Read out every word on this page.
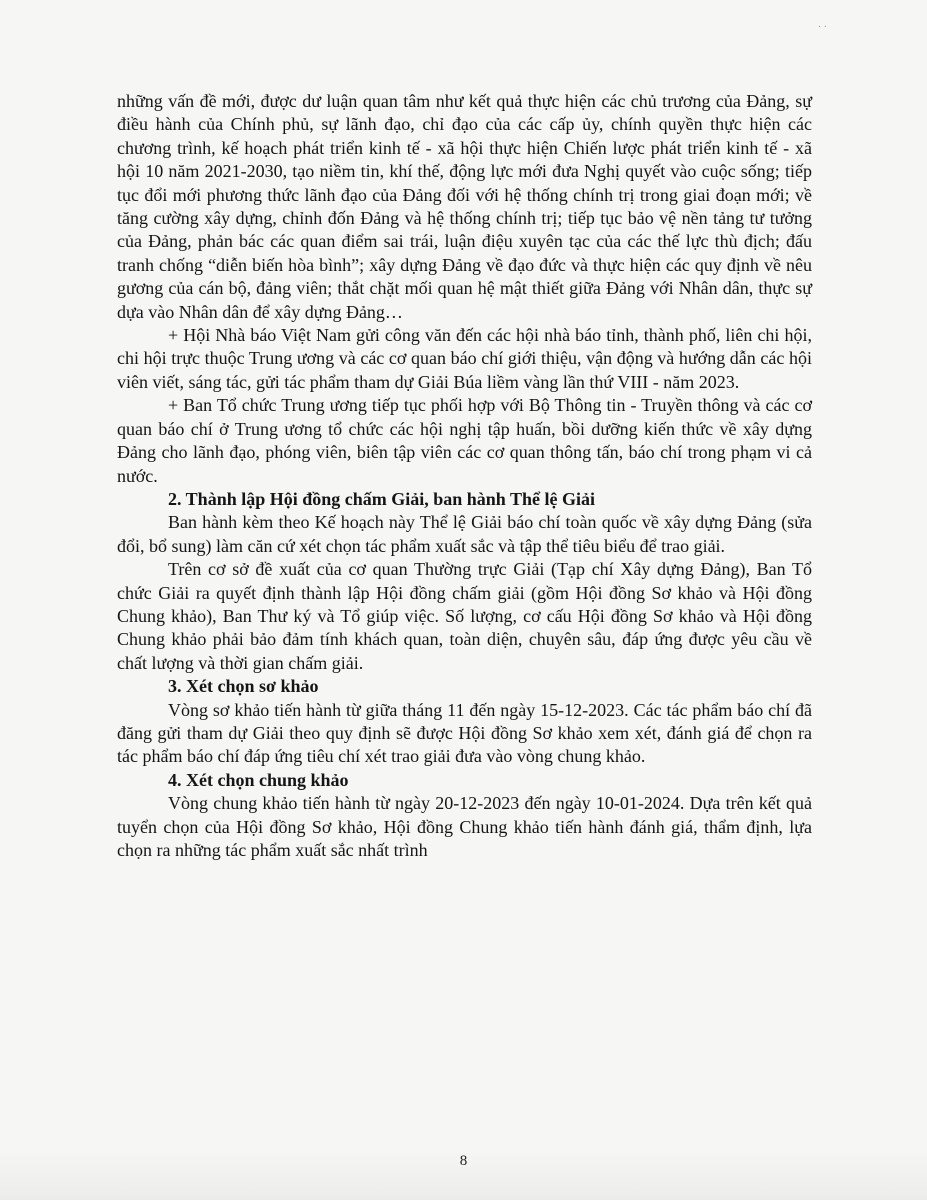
· ·

những vấn đề mới, được dư luận quan tâm như kết quả thực hiện các chủ trương của Đảng, sự điều hành của Chính phủ, sự lãnh đạo, chỉ đạo của các cấp ủy, chính quyền thực hiện các chương trình, kế hoạch phát triển kinh tế - xã hội thực hiện Chiến lược phát triển kinh tế - xã hội 10 năm 2021-2030, tạo niềm tin, khí thế, động lực mới đưa Nghị quyết vào cuộc sống; tiếp tục đổi mới phương thức lãnh đạo của Đảng đối với hệ thống chính trị trong giai đoạn mới; về tăng cường xây dựng, chỉnh đốn Đảng và hệ thống chính trị; tiếp tục bảo vệ nền tảng tư tưởng của Đảng, phản bác các quan điểm sai trái, luận điệu xuyên tạc của các thế lực thù địch; đấu tranh chống “diễn biến hòa bình”; xây dựng Đảng về đạo đức và thực hiện các quy định về nêu gương của cán bộ, đảng viên; thắt chặt mối quan hệ mật thiết giữa Đảng với Nhân dân, thực sự dựa vào Nhân dân để xây dựng Đảng…

+ Hội Nhà báo Việt Nam gửi công văn đến các hội nhà báo tỉnh, thành phố, liên chi hội, chi hội trực thuộc Trung ương và các cơ quan báo chí giới thiệu, vận động và hướng dẫn các hội viên viết, sáng tác, gửi tác phẩm tham dự Giải Búa liềm vàng lần thứ VIII - năm 2023.

+ Ban Tổ chức Trung ương tiếp tục phối hợp với Bộ Thông tin - Truyền thông và các cơ quan báo chí ở Trung ương tổ chức các hội nghị tập huấn, bồi dưỡng kiến thức về xây dựng Đảng cho lãnh đạo, phóng viên, biên tập viên các cơ quan thông tấn, báo chí trong phạm vi cả nước.

2. Thành lập Hội đồng chấm Giải, ban hành Thể lệ Giải

Ban hành kèm theo Kế hoạch này Thể lệ Giải báo chí toàn quốc về xây dựng Đảng (sửa đổi, bổ sung) làm căn cứ xét chọn tác phẩm xuất sắc và tập thể tiêu biểu để trao giải.

Trên cơ sở đề xuất của cơ quan Thường trực Giải (Tạp chí Xây dựng Đảng), Ban Tổ chức Giải ra quyết định thành lập Hội đồng chấm giải (gồm Hội đồng Sơ khảo và Hội đồng Chung khảo), Ban Thư ký và Tổ giúp việc. Số lượng, cơ cấu Hội đồng Sơ khảo và Hội đồng Chung khảo phải bảo đảm tính khách quan, toàn diện, chuyên sâu, đáp ứng được yêu cầu về chất lượng và thời gian chấm giải.

3. Xét chọn sơ khảo

Vòng sơ khảo tiến hành từ giữa tháng 11 đến ngày 15-12-2023. Các tác phẩm báo chí đã đăng gửi tham dự Giải theo quy định sẽ được Hội đồng Sơ khảo xem xét, đánh giá để chọn ra tác phẩm báo chí đáp ứng tiêu chí xét trao giải đưa vào vòng chung khảo.

4. Xét chọn chung khảo

Vòng chung khảo tiến hành từ ngày 20-12-2023 đến ngày 10-01-2024. Dựa trên kết quả tuyển chọn của Hội đồng Sơ khảo, Hội đồng Chung khảo tiến hành đánh giá, thẩm định, lựa chọn ra những tác phẩm xuất sắc nhất trình

8
